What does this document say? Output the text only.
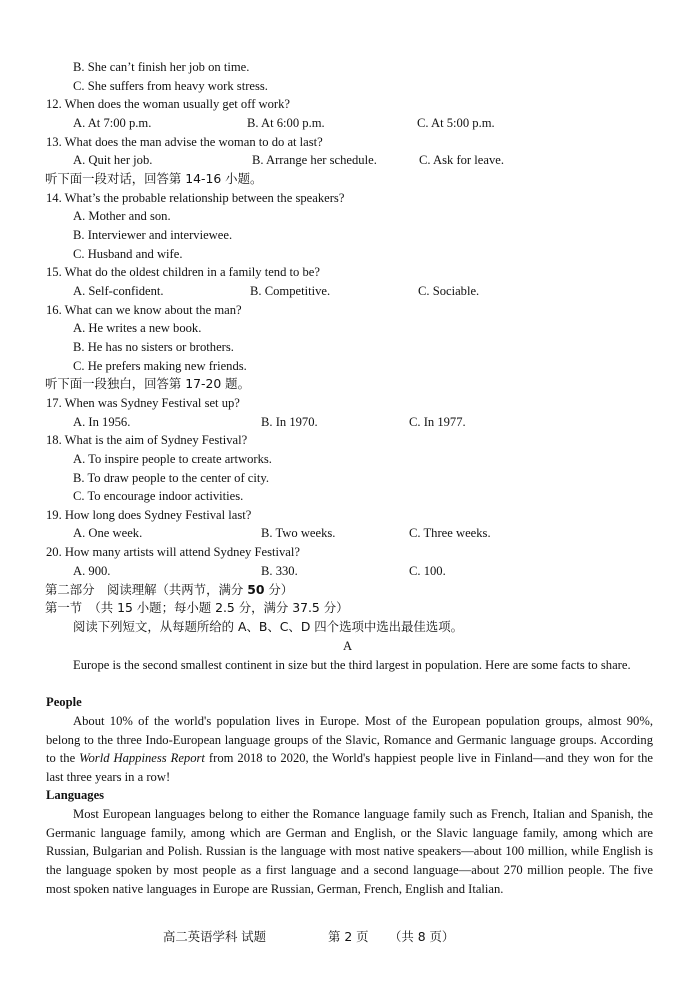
B. She can’t finish her job on time.
C. She suffers from heavy work stress.
12. When does the woman usually get off work?
A. At 7:00 p.m.	B. At 6:00 p.m.	C. At 5:00 p.m.
13. What does the man advise the woman to do at last?
A. Quit her job.	B. Arrange her schedule.	C. Ask for leave.
听下面一段对话，回答第 14-16 小题。
14. What’s the probable relationship between the speakers?
A. Mother and son.
B. Interviewer and interviewee.
C. Husband and wife.
15. What do the oldest children in a family tend to be?
A. Self-confident.	B. Competitive.	C. Sociable.
16. What can we know about the man?
A. He writes a new book.
B. He has no sisters or brothers.
C. He prefers making new friends.
听下面一段独白，回答第 17-20 题。
17. When was Sydney Festival set up?
A. In 1956.	B. In 1970.	C. In 1977.
18. What is the aim of Sydney Festival?
A. To inspire people to create artworks.
B. To draw people to the center of city.
C. To encourage indoor activities.
19. How long does Sydney Festival last?
A. One week.	B. Two weeks.	C. Three weeks.
20. How many artists will attend Sydney Festival?
A. 900.	B. 330.	C. 100.
第二部分　阅读理解（共两节，满分 50 分）
第一节　（共 15 小题；每小题 2.5 分，满分 37.5 分）
阅读下列短文，从每题所给的 A、B、C、D 四个选项中选出最佳选项。
A
Europe is the second smallest continent in size but the third largest in population. Here are some facts to share.
People
About 10% of the world's population lives in Europe. Most of the European population groups, almost 90%, belong to the three Indo-European language groups of the Slavic, Romance and Germanic language groups. According to the World Happiness Report from 2018 to 2020, the World's happiest people live in Finland—and they won for the last three years in a row!
Languages
Most European languages belong to either the Romance language family such as French, Italian and Spanish, the Germanic language family, among which are German and English, or the Slavic language family, among which are Russian, Bulgarian and Polish. Russian is the language with most native speakers—about 100 million, while English is the language spoken by most people as a first language and a second language—about 270 million people. The five most spoken native languages in Europe are Russian, German, French, English and Italian.
高二英语学科 试题	第 2 页 （共 8 页）
